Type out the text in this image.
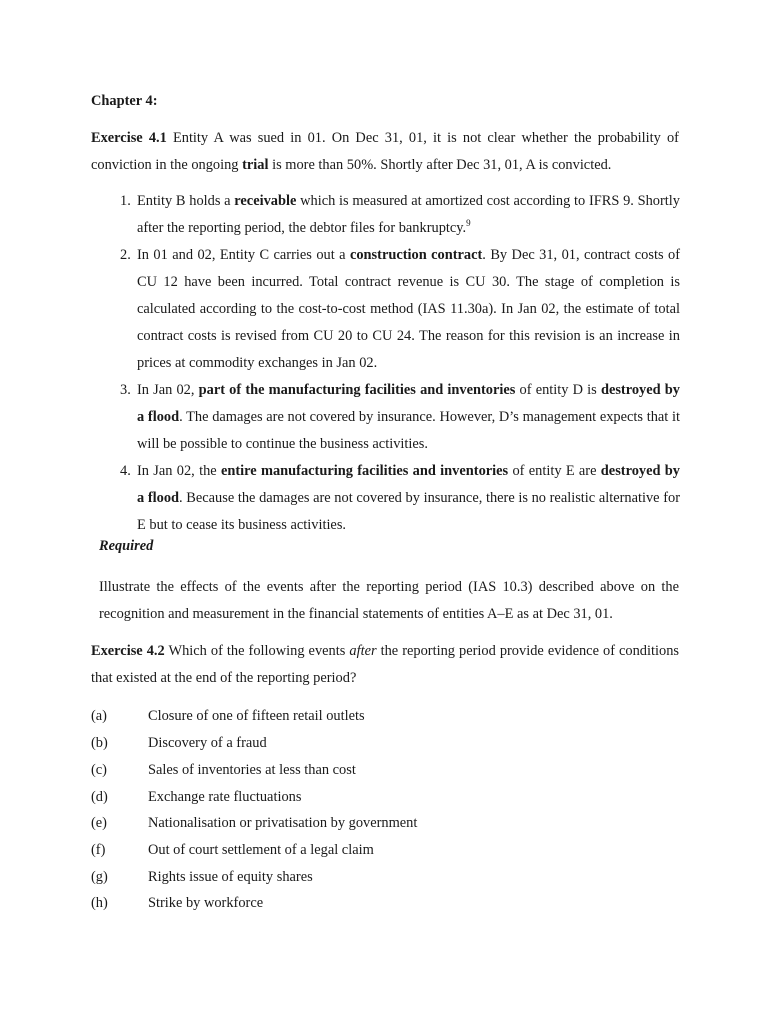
Chapter 4:
Exercise 4.1 Entity A was sued in 01. On Dec 31, 01, it is not clear whether the probability of conviction in the ongoing trial is more than 50%. Shortly after Dec 31, 01, A is convicted.
1. Entity B holds a receivable which is measured at amortized cost according to IFRS 9. Shortly after the reporting period, the debtor files for bankruptcy.$^9$
2. In 01 and 02, Entity C carries out a construction contract. By Dec 31, 01, contract costs of CU 12 have been incurred. Total contract revenue is CU 30. The stage of completion is calculated according to the cost-to-cost method (IAS 11.30a). In Jan 02, the estimate of total contract costs is revised from CU 20 to CU 24. The reason for this revision is an increase in prices at commodity exchanges in Jan 02.
3. In Jan 02, part of the manufacturing facilities and inventories of entity D is destroyed by a flood. The damages are not covered by insurance. However, D’s management expects that it will be possible to continue the business activities.
4. In Jan 02, the entire manufacturing facilities and inventories of entity E are destroyed by a flood. Because the damages are not covered by insurance, there is no realistic alternative for E but to cease its business activities.
Required
Illustrate the effects of the events after the reporting period (IAS 10.3) described above on the recognition and measurement in the financial statements of entities A–E as at Dec 31, 01.
Exercise 4.2 Which of the following events after the reporting period provide evidence of conditions that existed at the end of the reporting period?
(a)	Closure of one of fifteen retail outlets
(b)	Discovery of a fraud
(c)	Sales of inventories at less than cost
(d)	Exchange rate fluctuations
(e)	Nationalisation or privatisation by government
(f)	Out of court settlement of a legal claim
(g)	Rights issue of equity shares
(h)	Strike by workforce
